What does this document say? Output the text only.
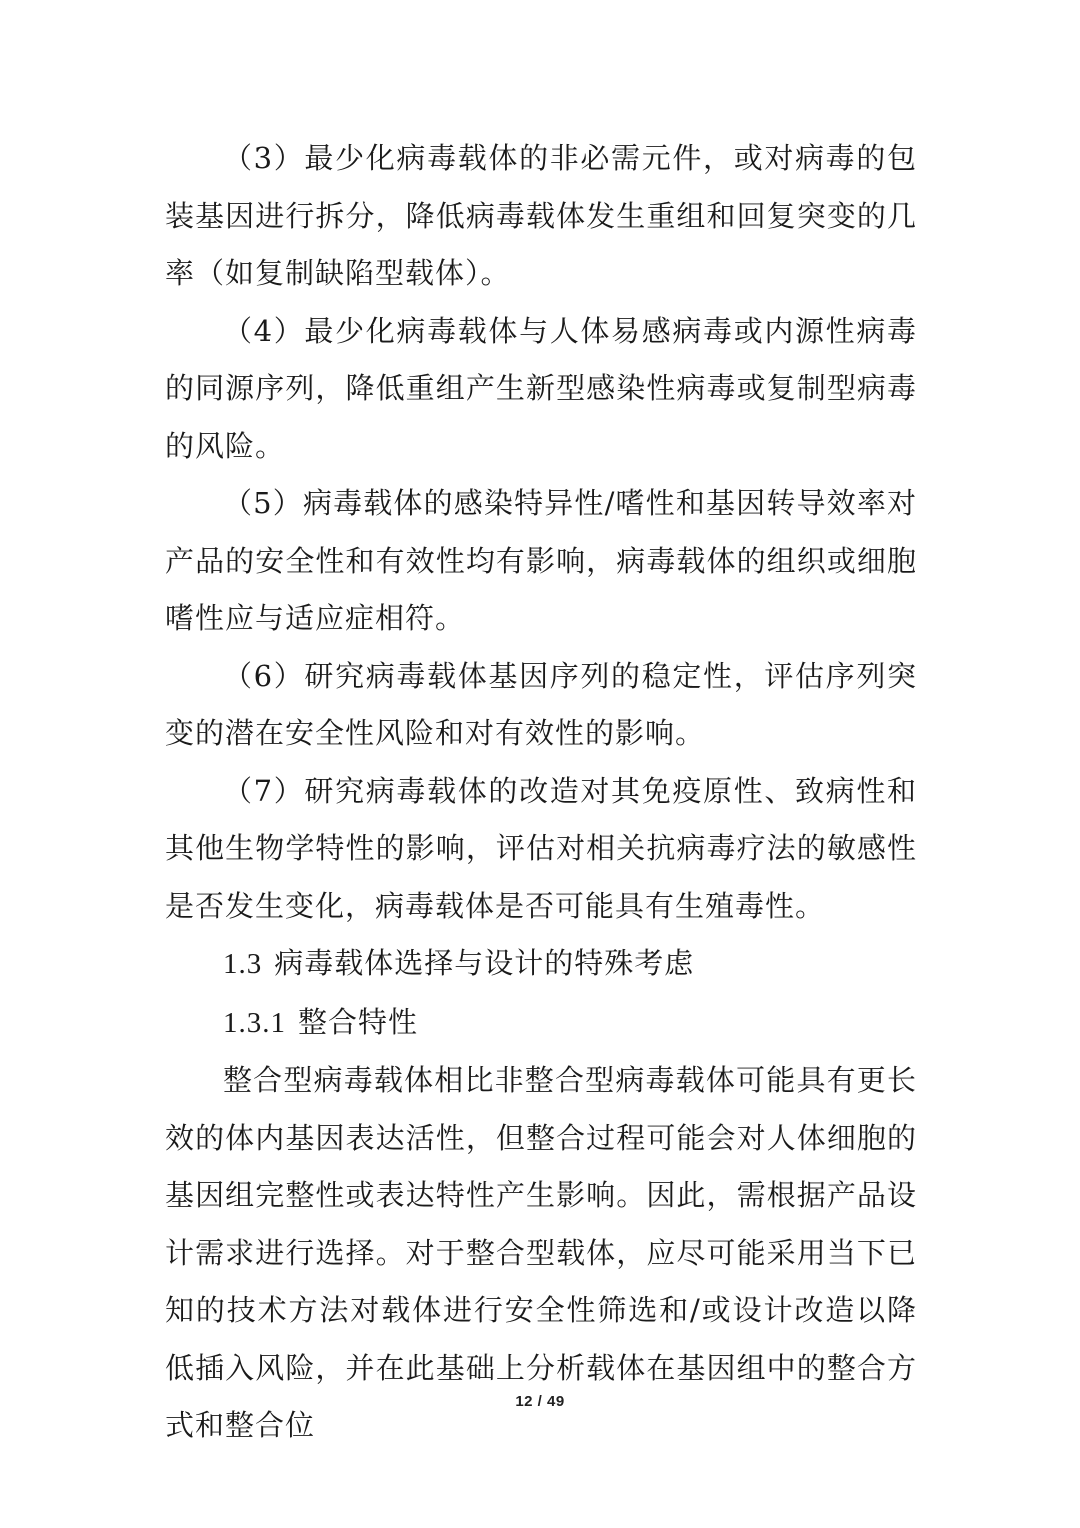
（3）最少化病毒载体的非必需元件，或对病毒的包装基因进行拆分，降低病毒载体发生重组和回复突变的几率（如复制缺陷型载体）。

（4）最少化病毒载体与人体易感病毒或内源性病毒的同源序列，降低重组产生新型感染性病毒或复制型病毒的风险。

（5）病毒载体的感染特异性/嗜性和基因转导效率对产品的安全性和有效性均有影响，病毒载体的组织或细胞嗜性应与适应症相符。

（6）研究病毒载体基因序列的稳定性，评估序列突变的潜在安全性风险和对有效性的影响。

（7）研究病毒载体的改造对其免疫原性、致病性和其他生物学特性的影响，评估对相关抗病毒疗法的敏感性是否发生变化，病毒载体是否可能具有生殖毒性。

1.3 病毒载体选择与设计的特殊考虑
1.3.1 整合特性

整合型病毒载体相比非整合型病毒载体可能具有更长效的体内基因表达活性，但整合过程可能会对人体细胞的基因组完整性或表达特性产生影响。因此，需根据产品设计需求进行选择。对于整合型载体，应尽可能采用当下已知的技术方法对载体进行安全性筛选和/或设计改造以降低插入风险，并在此基础上分析载体在基因组中的整合方式和整合位

12 / 49
